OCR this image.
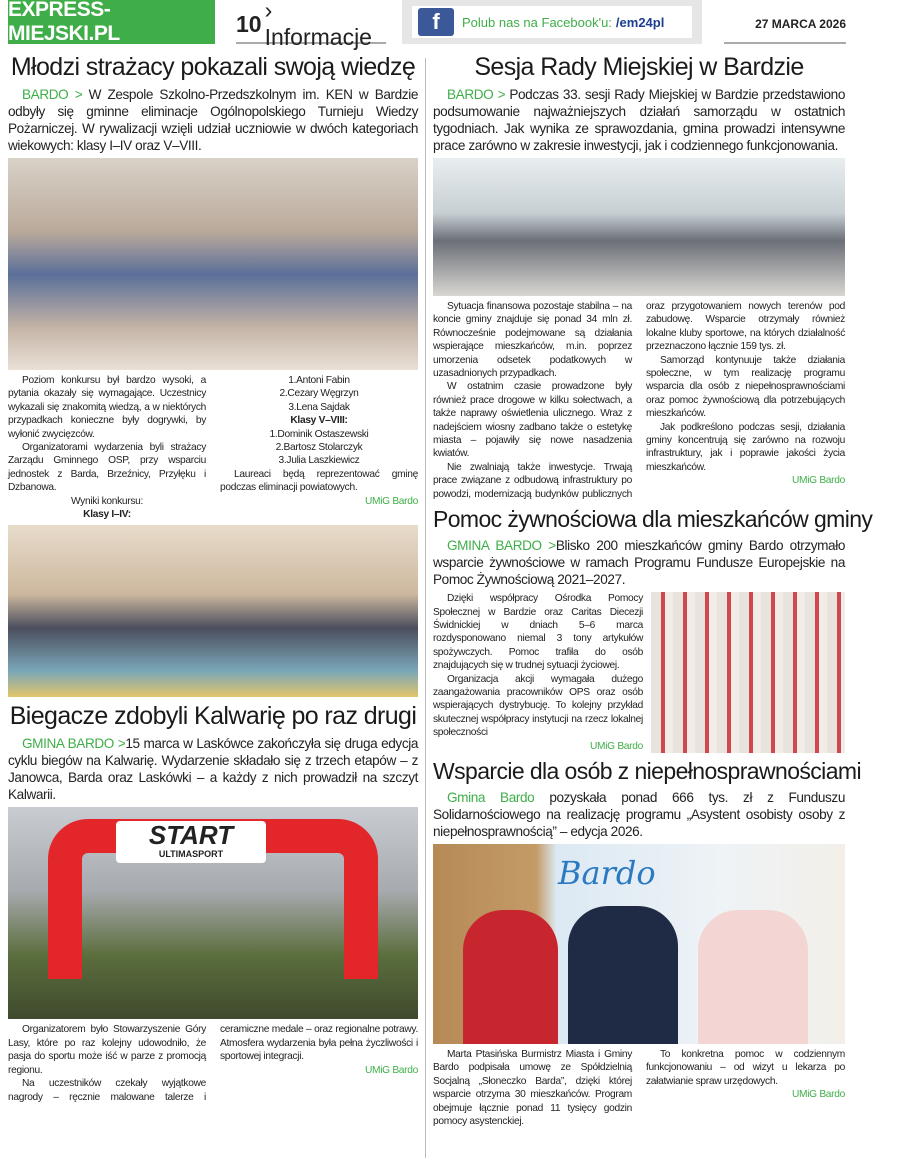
EXPRESS-MIEJSKI.PL	10
› Informacje
f	Polub nas na Facebook'u: /em24pl	27 MARCA 2026
Młodzi strażacy pokazali swoją wiedzę
BARDO > W Zespole Szkolno-Przedszkolnym im. KEN w Bardzie odbyły się gminne eliminacje Ogólnopolskiego Turnieju Wiedzy Pożarniczej. W rywalizacji wzięli udział uczniowie w dwóch kategoriach wiekowych: klasy I–IV oraz V–VIII.

Poziom konkursu był bardzo wysoki, a pytania okazały się wymagające. Uczestnicy wykazali się znakomitą wiedzą, a w niektórych przypadkach konieczne były dogrywki, by wyłonić zwycięzców.

Organizatorami wydarzenia byli strażacy Zarządu Gminnego OSP, przy wsparciu jednostek z Barda, Brzeźnicy, Przyłęku i Dzbanowa.

Wyniki konkursu:

Klasy I–IV:

1.Antoni Fabin

2.Cezary Węgrzyn

3.Lena Sajdak

Klasy V–VIII:

1.Dominik Ostaszewski

2.Bartosz Stolarczyk

3.Julia Laszkiewicz

Laureaci będą reprezentować gminę podczas eliminacji powiatowych.

UMiG Bardo
Biegacze zdobyli Kalwarię po raz drugi
GMINA BARDO >15 marca w Laskówce zakończyła się druga edycja cyklu biegów na Kalwarię. Wydarzenie składało się z trzech etapów – z Janowca, Barda oraz Laskówki – a każdy z nich prowadził na szczyt Kalwarii.
START
ULTIMASPORT

Organizatorem było Stowarzyszenie Góry Lasy, które po raz kolejny udowodniło, że pasja do sportu może iść w parze z promocją regionu.

Na uczestników czekały wyjątkowe nagrody – ręcznie malowane talerze i ceramiczne medale – oraz regionalne potrawy. Atmosfera wydarzenia była pełna życzliwości i sportowej integracji.

UMiG Bardo
Sesja Rady Miejskiej w Bardzie
BARDO > Podczas 33. sesji Rady Miejskiej w Bardzie przedstawiono podsumowanie najważniejszych działań samorządu w ostatnich tygodniach. Jak wynika ze sprawozdania, gmina prowadzi intensywne prace zarówno w zakresie inwestycji, jak i codziennego funkcjonowania.

Sytuacja finansowa pozostaje stabilna – na koncie gminy znajduje się ponad 34 mln zł. Równocześnie podejmowane są działania wspierające mieszkańców, m.in. poprzez umorzenia odsetek podatkowych w uzasadnionych przypadkach.

W ostatnim czasie prowadzone były również prace drogowe w kilku sołectwach, a także naprawy oświetlenia ulicznego. Wraz z nadejściem wiosny zadbano także o estetykę miasta – pojawiły się nowe nasadzenia kwiatów.

Nie zwalniają także inwestycje. Trwają prace związane z odbudową infrastruktury po powodzi, modernizacją budynków publicznych oraz przygotowaniem nowych terenów pod zabudowę. Wsparcie otrzymały również lokalne kluby sportowe, na których działalność przeznaczono łącznie 159 tys. zł.

Samorząd kontynuuje także działania społeczne, w tym realizację programu wsparcia dla osób z niepełnosprawnościami oraz pomoc żywnościową dla potrzebujących mieszkańców.

Jak podkreślono podczas sesji, działania gminy koncentrują się zarówno na rozwoju infrastruktury, jak i poprawie jakości życia mieszkańców.

UMiG Bardo
Pomoc żywnościowa dla mieszkańców gminy
GMINA BARDO >Blisko 200 mieszkańców gminy Bardo otrzymało wsparcie żywnościowe w ramach Programu Fundusze Europejskie na Pomoc Żywnościową 2021–2027.

Dzięki współpracy Ośrodka Pomocy Społecznej w Bardzie oraz Caritas Diecezji Świdnickiej w dniach 5–6 marca rozdysponowano niemal 3 tony artykułów spożywczych. Pomoc trafiła do osób znajdujących się w trudnej sytuacji życiowej.

Organizacja akcji wymagała dużego zaangażowania pracowników OPS oraz osób wspierających dystrybucję. To kolejny przykład skutecznej współpracy instytucji na rzecz lokalnej społeczności

UMiG Bardo
Wsparcie dla osób z niepełnosprawnościami
Gmina Bardo pozyskała ponad 666 tys. zł z Funduszu Solidarnościowego na realizację programu „Asystent osobisty osoby z niepełnosprawnością” – edycja 2026.
Bardo

Marta Ptasińska Burmistrz Miasta i Gminy Bardo podpisała umowę ze Spółdzielnią Socjalną „Słoneczko Barda”, dzięki której wsparcie otrzyma 30 mieszkańców. Program obejmuje łącznie ponad 11 tysięcy godzin pomocy asystenckiej.

To konkretna pomoc w codziennym funkcjonowaniu – od wizyt u lekarza po załatwianie spraw urzędowych.

UMiG Bardo
